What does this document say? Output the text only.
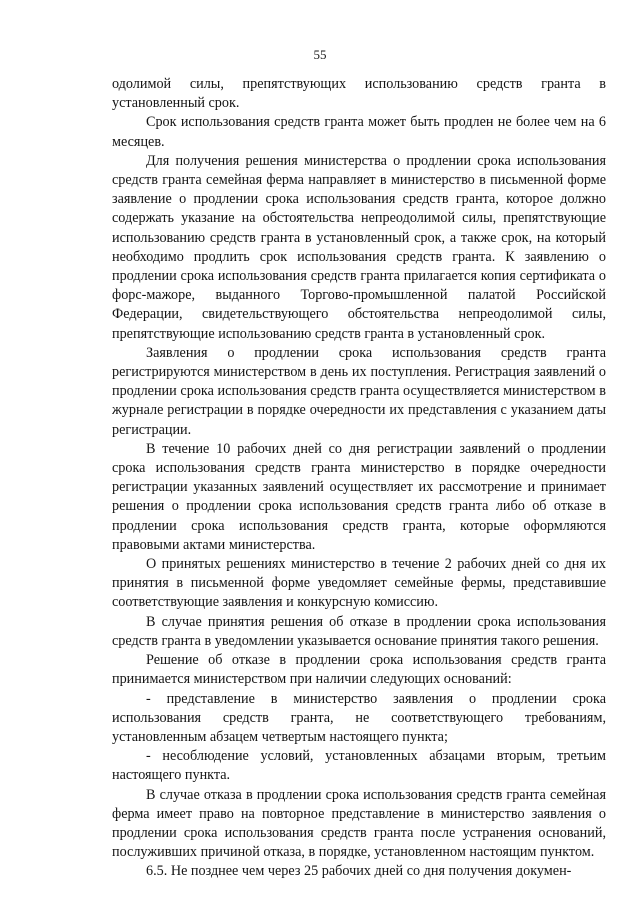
55

одолимой силы, препятствующих использованию средств гранта в установленный срок.

Срок использования средств гранта может быть продлен не более чем на 6 месяцев.

Для получения решения министерства о продлении срока использования средств гранта семейная ферма направляет в министерство в письменной форме заявление о продлении срока использования средств гранта, которое должно содержать указание на обстоятельства непреодолимой силы, препятствующие использованию средств гранта в установленный срок, а также срок, на который необходимо продлить срок использования средств гранта. К заявлению о продлении срока использования средств гранта прилагается копия сертификата о форс-мажоре, выданного Торгово-промышленной палатой Российской Федерации, свидетельствующего обстоятельства непреодолимой силы, препятствующие использованию средств гранта в установленный срок.

Заявления о продлении срока использования средств гранта регистрируются министерством в день их поступления. Регистрация заявлений о продлении срока использования средств гранта осуществляется министерством в журнале регистрации в порядке очередности их представления с указанием даты регистрации.

В течение 10 рабочих дней со дня регистрации заявлений о продлении срока использования средств гранта министерство в порядке очередности регистрации указанных заявлений осуществляет их рассмотрение и принимает решения о продлении срока использования средств гранта либо об отказе в продлении срока использования средств гранта, которые оформляются правовыми актами министерства.

О принятых решениях министерство в течение 2 рабочих дней со дня их принятия в письменной форме уведомляет семейные фермы, представившие соответствующие заявления и конкурсную комиссию.

В случае принятия решения об отказе в продлении срока использования средств гранта в уведомлении указывается основание принятия такого решения.

Решение об отказе в продлении срока использования средств гранта принимается министерством при наличии следующих оснований:

- представление в министерство заявления о продлении срока использования средств гранта, не соответствующего требованиям, установленным абзацем четвертым настоящего пункта;

- несоблюдение условий, установленных абзацами вторым, третьим настоящего пункта.

В случае отказа в продлении срока использования средств гранта семейная ферма имеет право на повторное представление в министерство заявления о продлении срока использования средств гранта после устранения оснований, послуживших причиной отказа, в порядке, установленном настоящим пунктом.

6.5. Не позднее чем через 25 рабочих дней со дня получения докумен-
